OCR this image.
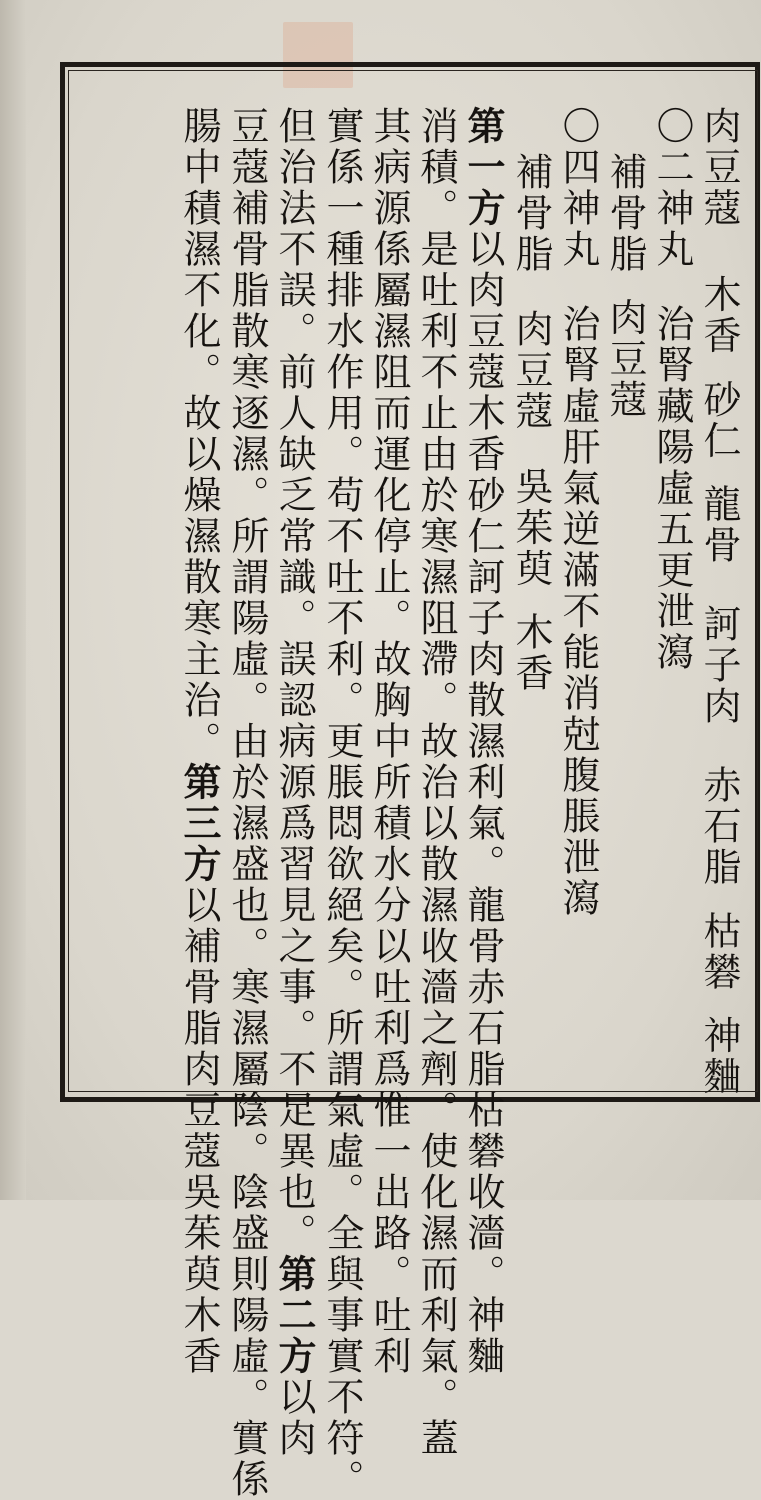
肉豆蔻木香砂仁龍骨訶子肉赤石脂枯礬神麯
〇二神丸治腎藏陽虛五更泄瀉
補骨脂肉豆蔻
〇四神丸治腎虛肝氣逆滿不能消尅腹脹泄瀉
補骨脂肉豆蔻吳茱萸木香
第一方以肉豆蔻木香砂仁訶子肉散濕利氣。龍骨赤石脂枯礬收濇。神麯
消積。是吐利不止由於寒濕阻滯。故治以散濕收濇之劑。使化濕而利氣。蓋
其病源係屬濕阻而運化停止。故胸中所積水分以吐利爲惟一出路。吐利
實係一種排水作用。苟不吐不利。更脹悶欲絕矣。所謂氣虛。全與事實不符。
但治法不誤。前人缺乏常識。誤認病源爲習見之事。不足異也。第二方以肉
豆蔻補骨脂散寒逐濕。所謂陽虛。由於濕盛也。寒濕屬陰。陰盛則陽虛。實係
腸中積濕不化。故以燥濕散寒主治。第三方以補骨脂肉豆蔻吳茱萸木香
